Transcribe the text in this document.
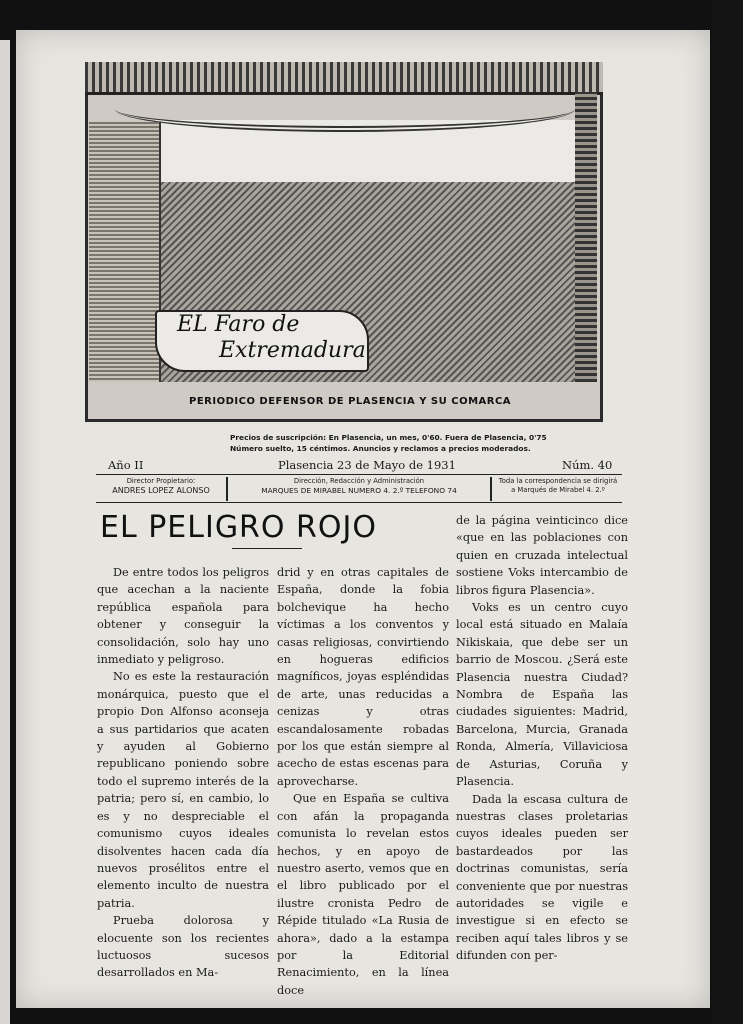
EL Faro de
Extremadura
PERIODICO DEFENSOR DE PLASENCIA Y SU COMARCA
Precios de suscripción: En Plasencia, un mes, 0'60. Fuera de Plasencia, 0'75
Número suelto, 15 céntimos. Anuncios y reclamos a precios moderados.
Año II	Plasencia 23 de Mayo de 1931	Núm. 40
Director Propietario:
ANDRES LOPEZ ALONSO
Dirección, Redacción y Administración
MARQUES DE MIRABEL NUMERO 4. 2.º TELEFONO 74
Toda la correspondencia se dirigirá
a Marqués de Mirabel 4. 2.º
EL PELIGRO ROJO

De entre todos los peligros que acechan a la naciente república española para obtener y conseguir la consolidación, solo hay uno inmediato y peligroso.

No es este la restauración monárquica, puesto que el propio Don Alfonso aconseja a sus partidarios que acaten y ayuden al Gobierno republicano poniendo sobre todo el supremo interés de la patria; pero sí, en cambio, lo es y no despreciable el comunismo cuyos ideales disolventes hacen cada día nuevos prosélitos entre el elemento inculto de nuestra patria.

Prueba dolorosa y elocuente son los recientes luctuosos sucesos desarrollados en Ma-

drid y en otras capitales de España, donde la fobia bolchevique ha hecho víctimas a los conventos y casas religiosas, convirtiendo en hogueras edificios magníficos, joyas espléndidas de arte, unas reducidas a cenizas y otras escandalosamente robadas por los que están siempre al acecho de estas escenas para aprovecharse.

Que en España se cultiva con afán la propaganda comunista lo revelan estos hechos, y en apoyo de nuestro aserto, vemos que en el libro publicado por el ilustre cronista Pedro de Répide titulado «La Rusia de ahora», dado a la estampa por la Editorial Renacimiento, en la línea doce

de la página veinticinco dice «que en las poblaciones con quien en cruzada intelectual sostiene Voks intercambio de libros figura Plasencia».

Voks es un centro cuyo local está situado en Malaía Nikiskaia, que debe ser un barrio de Moscou. ¿Será este Plasencia nuestra Ciudad? Nombra de España las ciudades siguientes: Madrid, Barcelona, Murcia, Granada Ronda, Almería, Villaviciosa de Asturias, Coruña y Plasencia.

Dada la escasa cultura de nuestras clases proletarias cuyos ideales pueden ser bastardeados por las doctrinas comunistas, sería conveniente que por nuestras autoridades se vigile e investigue si en efecto se reciben aquí tales libros y se difunden con per-
